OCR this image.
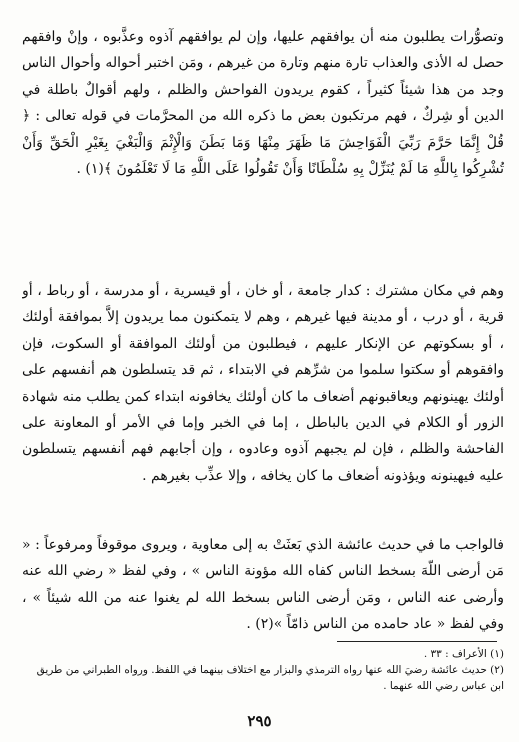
وتصوُّرات يطلبون منه أن يوافقهم عليها، وإن لم يوافقهم آذوه وعذَّبوه ، وإنْ وافقهم حصل له الأذى والعذاب تارة منهم وتارة من غيرهم ، ومَن اختبر أحواله وأحوال الناس وجد من هذا شيئاً كثيراً ، كقوم يريدون الفواحش والظلم ، ولهم أقوالٌ باطلة في الدين أو شِركٌ ، فهم مرتكبون بعض ما ذكره الله من المحرَّمات في قوله تعالى : ﴿ قُلْ إِنَّمَا حَرَّمَ رَبِّيَ الْفَوَاحِشَ مَا ظَهَرَ مِنْهَا وَمَا بَطَنَ وَالْإِثْمَ وَالْبَغْيَ بِغَيْرِ الْحَقِّ وَأَنْ تُشْرِكُوا بِاللَّهِ مَا لَمْ يُنَزِّلْ بِهِ سُلْطَانًا وَأَنْ تَقُولُوا عَلَى اللَّهِ مَا لَا تَعْلَمُونَ ﴾(١) .

وهم في مكان مشترك : كدار جامعة ، أو خان ، أو قيسرية ، أو مدرسة ، أو رباط ، أو قرية ، أو درب ، أو مدينة فيها غيرهم ، وهم لا يتمكنون مما يريدون إلاَّ بموافقة أولئك ، أو بسكوتهم عن الإنكار عليهم ، فيطلبون من أولئك الموافقة أو السكوت، فإن وافقوهم أو سكتوا سلموا من شرِّهم في الابتداء ، ثم قد يتسلطون هم أنفسهم على أولئك يهينونهم ويعاقبونهم أضعاف ما كان أولئك يخافونه ابتداء كمن يطلب منه شهادة الزور أو الكلام في الدين بالباطل ، إما في الخبر وإما في الأمر أو المعاونة على الفاحشة والظلم ، فإن لم يجبهم آذوه وعادوه ، وإن أجابهم فهم أنفسهم يتسلطون عليه فيهينونه ويؤذونه أضعاف ما كان يخافه ، وإلا عذِّب بغيرهم .

فالواجب ما في حديث عائشة الذي بَعثَتْ به إلى معاوية ، ويروى موقوفاً ومرفوعاً : « مَن أرضى اللّهَ بسخط الناس كفاه الله مؤونة الناس » ، وفي لفظ « رضي الله عنه وأرضى عنه الناس ، ومَن أرضى الناس بسخط الله لم يغنوا عنه من الله شيئاً » ، وفي لفظ « عاد حامده من الناس ذامّاً »(٢) .

(١) الأعراف : ٣٣ .

(٢) حديث عائشة رضيَ الله عنها رواه الترمذي والبزار مع اختلاف بينهما في اللفظ. ورواه الطبراني من طريق ابن عباس رضي الله عنهما .

٢٩٥
